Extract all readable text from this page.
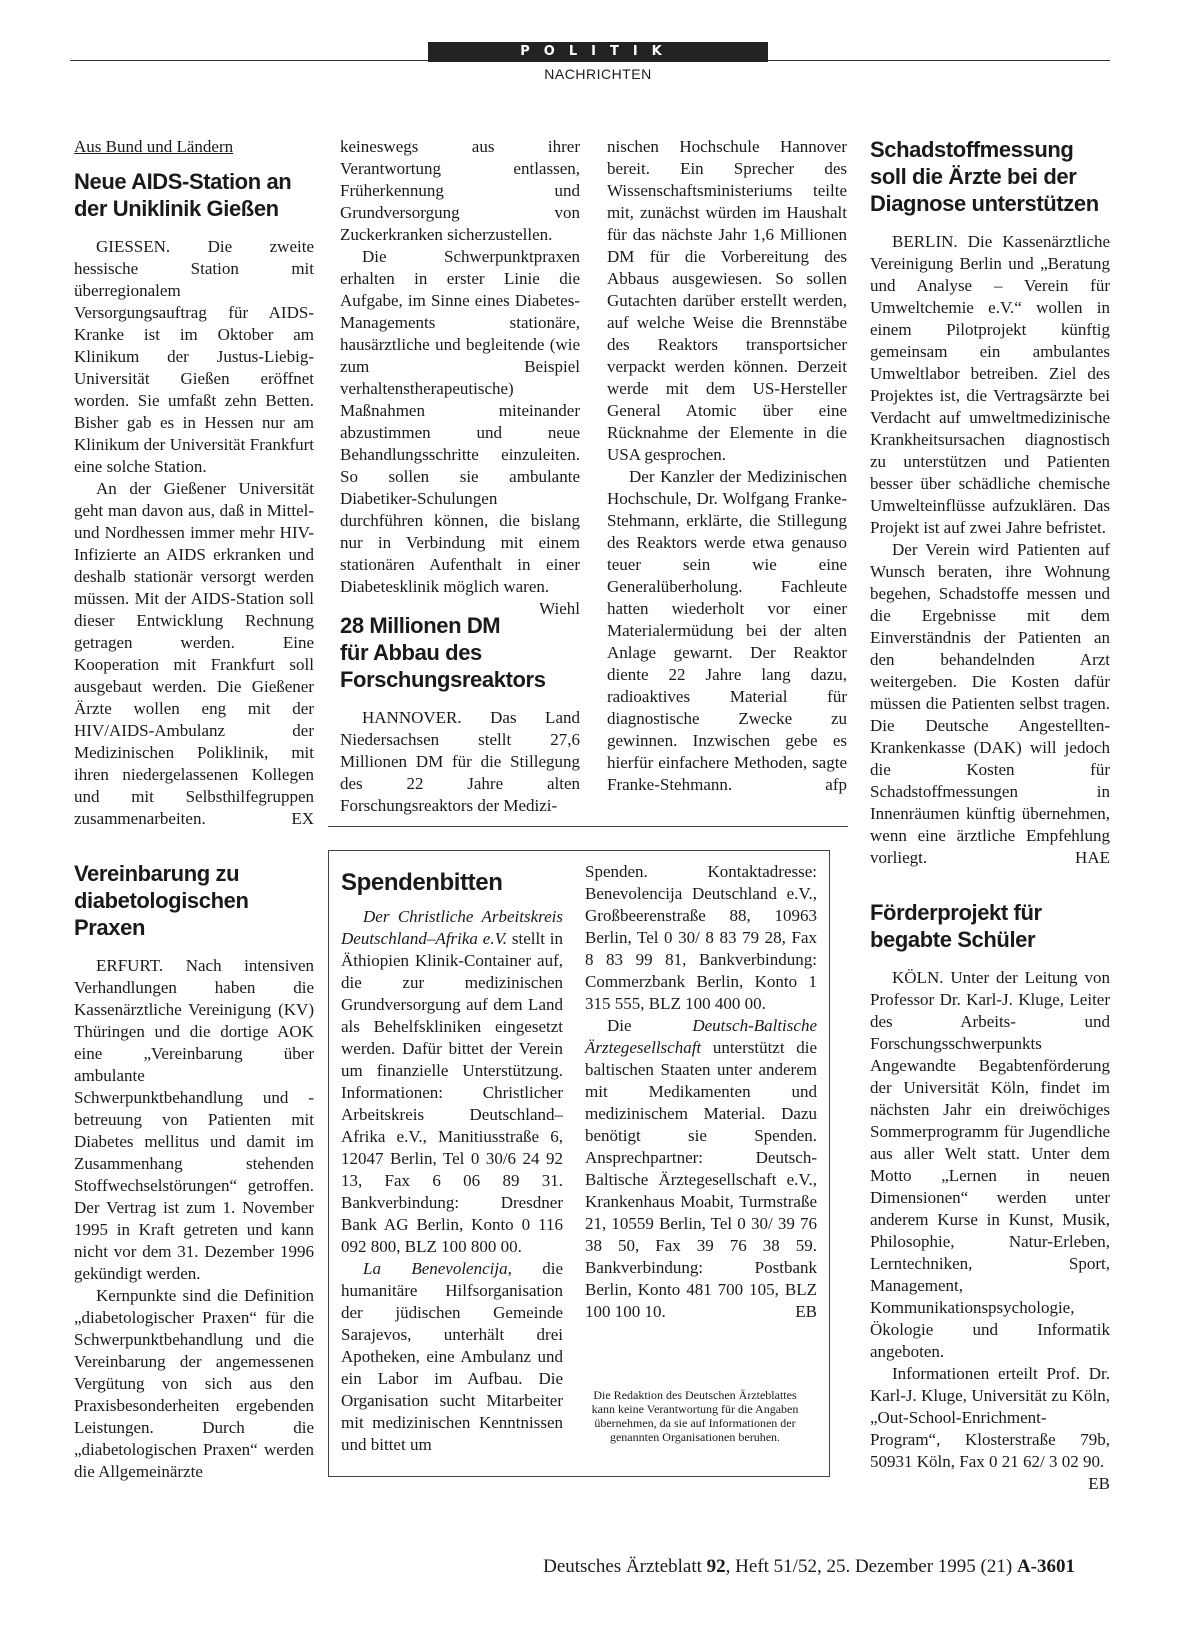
POLITIK
NACHRICHTEN
Aus Bund und Ländern
Neue AIDS-Station an der Uniklinik Gießen

GIESSEN. Die zweite hessische Station mit überregionalem Versorgungsauftrag für AIDS-Kranke ist im Oktober am Klinikum der Justus-Liebig-Universität Gießen eröffnet worden. Sie umfaßt zehn Betten. Bisher gab es in Hessen nur am Klinikum der Universität Frankfurt eine solche Station.

An der Gießener Universität geht man davon aus, daß in Mittel- und Nordhessen immer mehr HIV-Infizierte an AIDS erkranken und deshalb stationär versorgt werden müssen. Mit der AIDS-Station soll dieser Entwicklung Rechnung getragen werden. Eine Kooperation mit Frankfurt soll ausgebaut werden. Die Gießener Ärzte wollen eng mit der HIV/AIDS-Ambulanz der Medizinischen Poliklinik, mit ihren niedergelassenen Kollegen und mit Selbsthilfegruppen zusammenarbeiten.	EX

Vereinbarung zu diabetologischen Praxen

ERFURT. Nach intensiven Verhandlungen haben die Kassenärztliche Vereinigung (KV) Thüringen und die dortige AOK eine „Vereinbarung über ambulante Schwerpunktbehandlung und -betreuung von Patienten mit Diabetes mellitus und damit im Zusammenhang stehenden Stoffwechselstörungen“ getroffen. Der Vertrag ist zum 1. November 1995 in Kraft getreten und kann nicht vor dem 31. Dezember 1996 gekündigt werden.

Kernpunkte sind die Definition „diabetologischer Praxen“ für die Schwerpunktbehandlung und die Vereinbarung der angemessenen Vergütung von sich aus den Praxisbesonderheiten ergebenden Leistungen. Durch die „diabetologischen Praxen“ werden die Allgemeinärzte

keineswegs aus ihrer Verantwortung entlassen, Früherkennung und Grundversorgung von Zuckerkranken sicherzustellen.

Die Schwerpunktpraxen erhalten in erster Linie die Aufgabe, im Sinne eines Diabetes-Managements stationäre, hausärztliche und begleitende (wie zum Beispiel verhaltenstherapeutische) Maßnahmen miteinander abzustimmen und neue Behandlungsschritte einzuleiten. So sollen sie ambulante Diabetiker-Schulungen durchführen können, die bislang nur in Verbindung mit einem stationären Aufenthalt in einer Diabetesklinik möglich waren.
Wiehl

28 Millionen DM für Abbau des Forschungsreaktors

HANNOVER. Das Land Niedersachsen stellt 27,6 Millionen DM für die Stillegung des 22 Jahre alten Forschungsreaktors der Medizi-

nischen Hochschule Hannover bereit. Ein Sprecher des Wissenschaftsministeriums teilte mit, zunächst würden im Haushalt für das nächste Jahr 1,6 Millionen DM für die Vorbereitung des Abbaus ausgewiesen. So sollen Gutachten darüber erstellt werden, auf welche Weise die Brennstäbe des Reaktors transportsicher verpackt werden können. Derzeit werde mit dem US-Hersteller General Atomic über eine Rücknahme der Elemente in die USA gesprochen.

Der Kanzler der Medizinischen Hochschule, Dr. Wolfgang Franke-Stehmann, erklärte, die Stillegung des Reaktors werde etwa genauso teuer sein wie eine Generalüberholung. Fachleute hatten wiederholt vor einer Materialermüdung bei der alten Anlage gewarnt. Der Reaktor diente 22 Jahre lang dazu, radioaktives Material für diagnostische Zwecke zu gewinnen. Inzwischen gebe es hierfür einfachere Methoden, sagte Franke-Stehmann.	afp

Schadstoffmessung soll die Ärzte bei der Diagnose unterstützen

BERLIN. Die Kassenärztliche Vereinigung Berlin und „Beratung und Analyse – Verein für Umweltchemie e.V.“ wollen in einem Pilotprojekt künftig gemeinsam ein ambulantes Umweltlabor betreiben. Ziel des Projektes ist, die Vertragsärzte bei Verdacht auf umweltmedizinische Krankheitsursachen diagnostisch zu unterstützen und Patienten besser über schädliche chemische Umwelteinflüsse aufzuklären. Das Projekt ist auf zwei Jahre befristet.

Der Verein wird Patienten auf Wunsch beraten, ihre Wohnung begehen, Schadstoffe messen und die Ergebnisse mit dem Einverständnis der Patienten an den behandelnden Arzt weitergeben. Die Kosten dafür müssen die Patienten selbst tragen. Die Deutsche Angestellten-Krankenkasse (DAK) will jedoch die Kosten für Schadstoffmessungen in Innenräumen künftig übernehmen, wenn eine ärztliche Empfehlung vorliegt.	HAE

Förderprojekt für begabte Schüler

KÖLN. Unter der Leitung von Professor Dr. Karl-J. Kluge, Leiter des Arbeits- und Forschungsschwerpunkts Angewandte Begabtenförderung der Universität Köln, findet im nächsten Jahr ein dreiwöchiges Sommerprogramm für Jugendliche aus aller Welt statt. Unter dem Motto „Lernen in neuen Dimensionen“ werden unter anderem Kurse in Kunst, Musik, Philosophie, Natur-Erleben, Lerntechniken, Sport, Management, Kommunikationspsychologie, Ökologie und Informatik angeboten.

Informationen erteilt Prof. Dr. Karl-J. Kluge, Universität zu Köln, „Out-School-Enrichment-Program“, Klosterstraße 79b, 50931 Köln, Fax 0 21 62/ 3 02 90.
EB

Spendenbitten

Der Christliche Arbeitskreis Deutschland–Afrika e.V. stellt in Äthiopien Klinik-Container auf, die zur medizinischen Grundversorgung auf dem Land als Behelfskliniken eingesetzt werden. Dafür bittet der Verein um finanzielle Unterstützung. Informationen: Christlicher Arbeitskreis Deutschland–Afrika e.V., Manitiusstraße 6, 12047 Berlin, Tel 0 30/6 24 92 13, Fax 6 06 89 31. Bankverbindung: Dresdner Bank AG Berlin, Konto 0 116 092 800, BLZ 100 800 00.

La Benevolencija, die humanitäre Hilfsorganisation der jüdischen Gemeinde Sarajevos, unterhält drei Apotheken, eine Ambulanz und ein Labor im Aufbau. Die Organisation sucht Mitarbeiter mit medizinischen Kenntnissen und bittet um

Spenden. Kontaktadresse: Benevolencija Deutschland e.V., Großbeerenstraße 88, 10963 Berlin, Tel 0 30/ 8 83 79 28, Fax 8 83 99 81, Bankverbindung: Commerzbank Berlin, Konto 1 315 555, BLZ 100 400 00.

Die Deutsch-Baltische Ärztegesellschaft unterstützt die baltischen Staaten unter anderem mit Medikamenten und medizinischem Material. Dazu benötigt sie Spenden. Ansprechpartner: Deutsch-Baltische Ärztegesellschaft e.V., Krankenhaus Moabit, Turmstraße 21, 10559 Berlin, Tel 0 30/ 39 76 38 50, Fax 39 76 38 59. Bankverbindung: Postbank Berlin, Konto 481 700 105, BLZ 100 100 10.	EB

Die Redaktion des Deutschen Ärzteblattes kann keine Verantwortung für die Angaben übernehmen, da sie auf Informationen der genannten Organisationen beruhen.
Deutsches Ärzteblatt 92, Heft 51/52, 25. Dezember 1995 (21) A-3601
